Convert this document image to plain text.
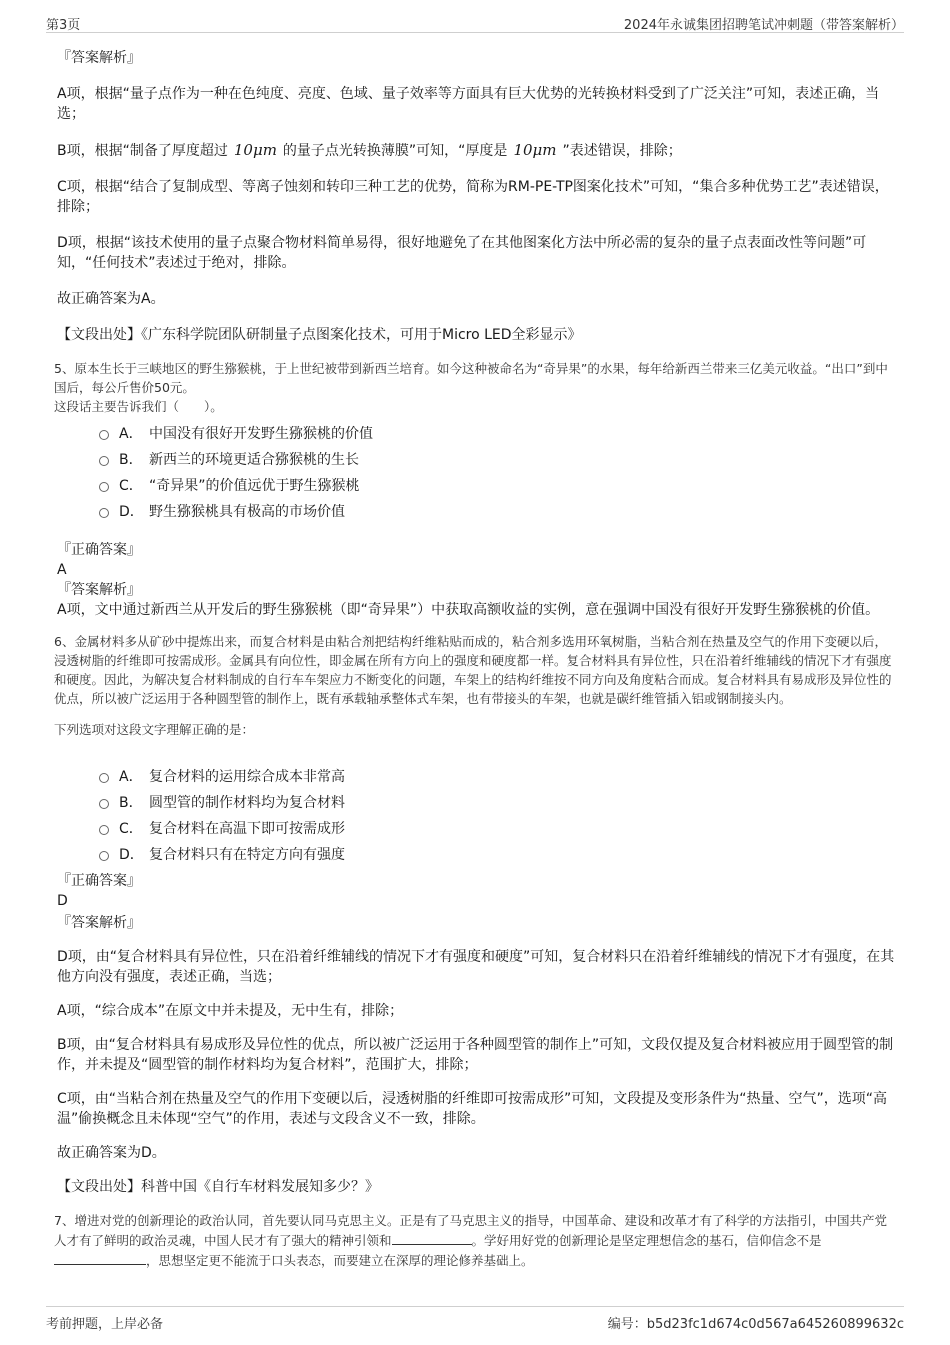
第3页	2024年永诚集团招聘笔试冲刺题（带答案解析）

『答案解析』

A项，根据“量子点作为一种在色纯度、亮度、色域、量子效率等方面具有巨大优势的光转换材料受到了广泛关注”可知，表述正确，当选；

B项，根据“制备了厚度超过 10μm 的量子点光转换薄膜”可知，“厚度是 10μm ”表述错误，排除；

C项，根据“结合了复制成型、等离子蚀刻和转印三种工艺的优势，简称为RM-PE-TP图案化技术”可知，“集合多种优势工艺”表述错误，排除；

D项，根据“该技术使用的量子点聚合物材料简单易得，很好地避免了在其他图案化方法中所必需的复杂的量子点表面改性等问题”可知，“任何技术”表述过于绝对，排除。

故正确答案为A。

【文段出处】《广东科学院团队研制量子点图案化技术，可用于Micro LED全彩显示》

5、原本生长于三峡地区的野生猕猴桃，于上世纪被带到新西兰培育。如今这种被命名为“奇异果”的水果，每年给新西兰带来三亿美元收益。“出口”到中国后，每公斤售价50元。

这段话主要告诉我们（　　）。

A． 中国没有很好开发野生猕猴桃的价值
B． 新西兰的环境更适合猕猴桃的生长
C． “奇异果”的价值远优于野生猕猴桃
D． 野生猕猴桃具有极高的市场价值

『正确答案』

A

『答案解析』

A项，文中通过新西兰从开发后的野生猕猴桃（即“奇异果”）中获取高额收益的实例，意在强调中国没有很好开发野生猕猴桃的价值。

6、金属材料多从矿砂中提炼出来，而复合材料是由粘合剂把结构纤维粘贴而成的，粘合剂多选用环氧树脂，当粘合剂在热量及空气的作用下变硬以后，浸透树脂的纤维即可按需成形。金属具有向位性，即金属在所有方向上的强度和硬度都一样。复合材料具有异位性，只在沿着纤维辅线的情况下才有强度和硬度。因此，为解决复合材料制成的自行车车架应力不断变化的问题，车架上的结构纤维按不同方向及角度粘合而成。复合材料具有易成形及异位性的优点，所以被广泛运用于各种圆型管的制作上，既有承载轴承整体式车架，也有带接头的车架，也就是碳纤维管插入铝或钢制接头内。

下列选项对这段文字理解正确的是：

A． 复合材料的运用综合成本非常高
B． 圆型管的制作材料均为复合材料
C． 复合材料在高温下即可按需成形
D． 复合材料只有在特定方向有强度

『正确答案』

D

『答案解析』

D项，由“复合材料具有异位性，只在沿着纤维辅线的情况下才有强度和硬度”可知，复合材料只在沿着纤维辅线的情况下才有强度，在其他方向没有强度，表述正确，当选；

A项，“综合成本”在原文中并未提及，无中生有，排除；

B项，由“复合材料具有易成形及异位性的优点，所以被广泛运用于各种圆型管的制作上”可知，文段仅提及复合材料被应用于圆型管的制作，并未提及“圆型管的制作材料均为复合材料”，范围扩大，排除；

C项，由“当粘合剂在热量及空气的作用下变硬以后，浸透树脂的纤维即可按需成形”可知，文段提及变形条件为“热量、空气”，选项“高温”偷换概念且未体现“空气”的作用，表述与文段含义不一致，排除。

故正确答案为D。

【文段出处】科普中国《自行车材料发展知多少？》

7、增进对党的创新理论的政治认同，首先要认同马克思主义。正是有了马克思主义的指导，中国革命、建设和改革才有了科学的方法指引，中国共产党人才有了鲜明的政治灵魂，中国人民才有了强大的精神引领和	。学好用好党的创新理论是坚定理想信念的基石，信仰信念不是，思想坚定更不能流于口头表态，而要建立在深厚的理论修养基础上。

考前押题，上岸必备	编号：b5d23fc1d674c0d567a645260899632c
